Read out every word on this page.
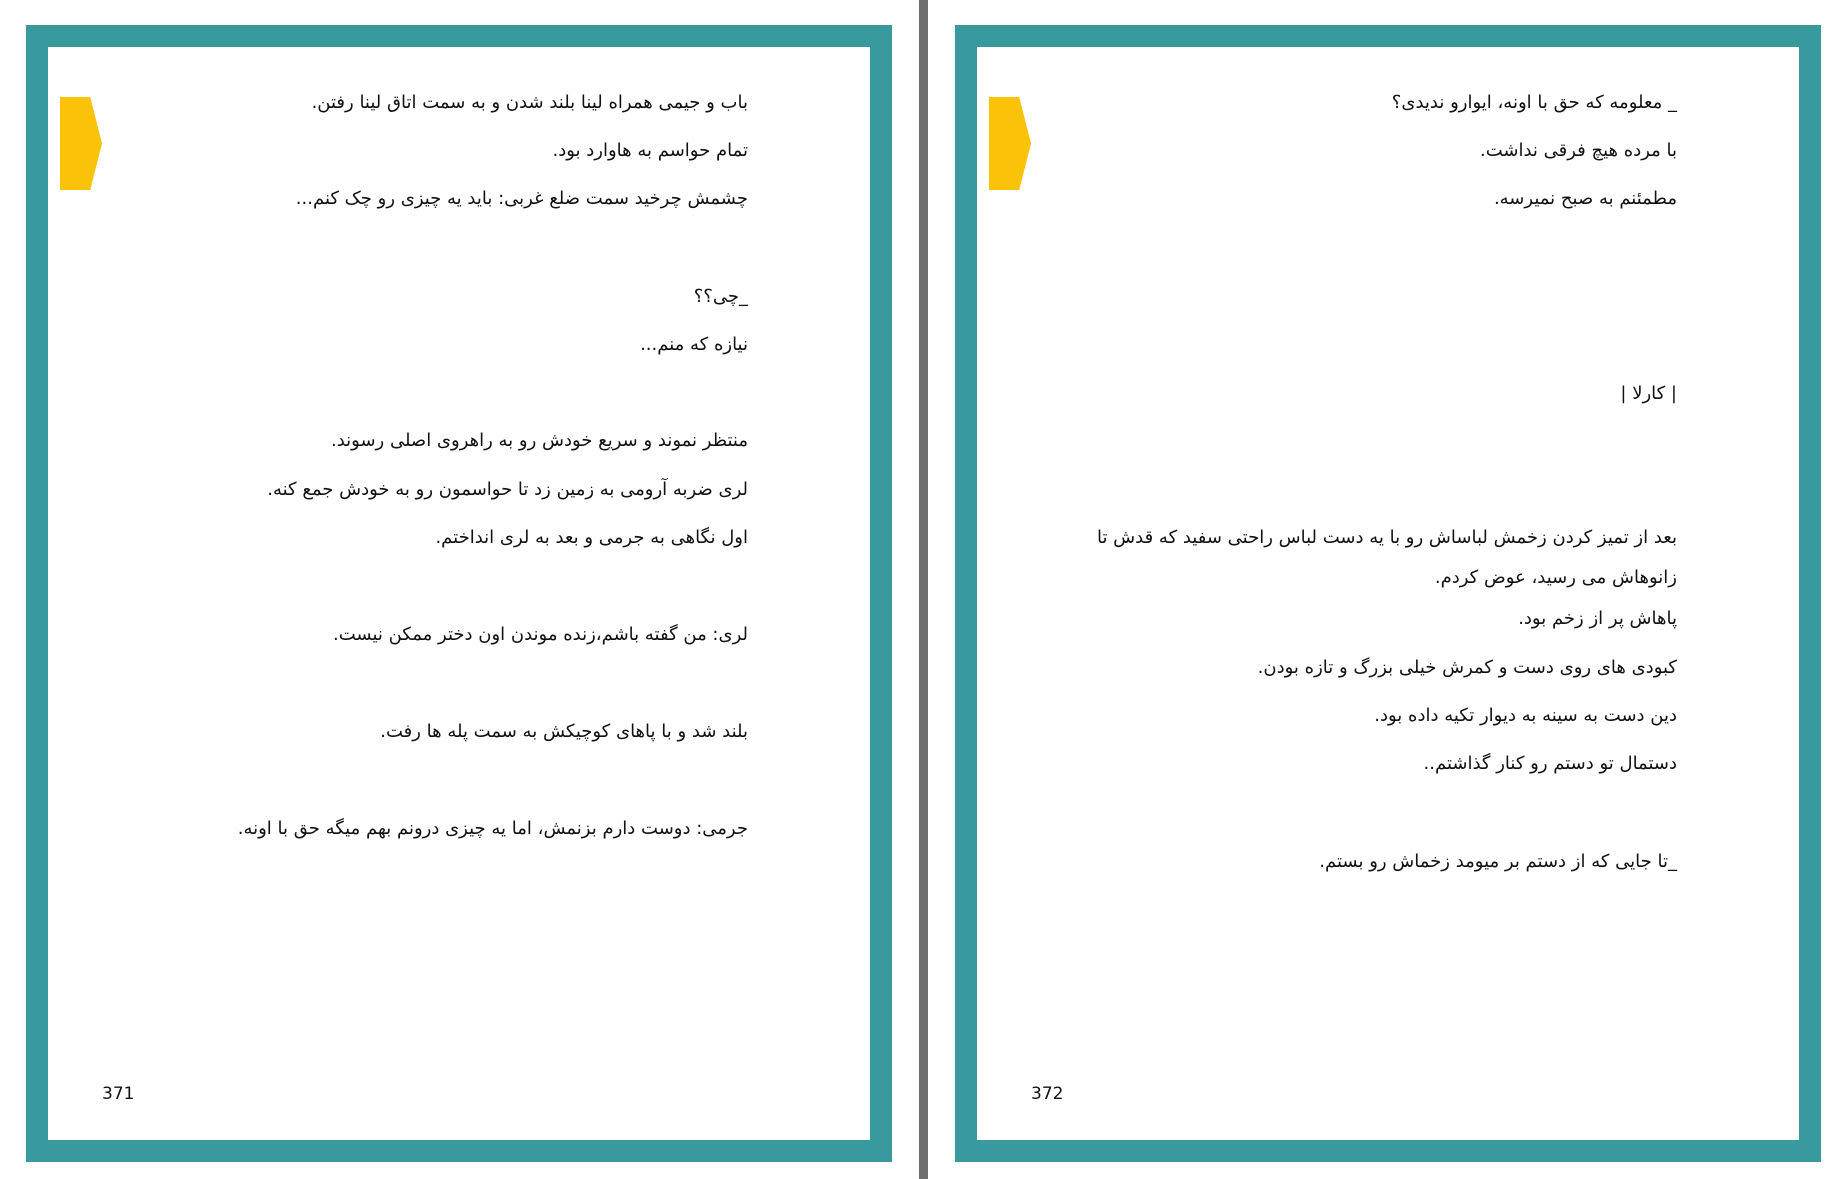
باب و جیمی همراه لینا بلند شدن و به سمت اتاق لینا رفتن.

تمام حواسم به هاوارد بود.

چشمش چرخید سمت ضلع غربی: باید یه چیزی رو چک کنم...

_چی؟؟

نیازه که منم...

منتظر نموند و سریع خودش رو به راهروی اصلی رسوند.

لری ضربه آرومی به زمین زد تا حواسمون رو به خودش جمع کنه.

اول نگاهی به جرمی و بعد به لری انداختم.

لری: من گفته باشم،زنده موندن اون دختر ممکن نیست.

بلند شد و با پاهای کوچیکش به سمت پله ها رفت.

جرمی: دوست دارم بزنمش، اما یه چیزی درونم بهم میگه حق با اونه.

371

_ معلومه که حق با اونه، ایوارو ندیدی؟

با مرده هیچ فرقی نداشت.

مطمئنم به صبح نمیرسه.

| کارلا |

بعد از تمیز کردن زخمش لباساش رو با یه دست لباس راحتی سفید که قدش تا زانوهاش می رسید، عوض کردم.

پاهاش پر از زخم بود.

کبودی های روی دست و کمرش خیلی بزرگ و تازه بودن.

دین دست به سینه به دیوار تکیه داده بود.

دستمال تو دستم رو کنار گذاشتم..

_تا جایی که از دستم بر میومد زخماش رو بستم.

372
